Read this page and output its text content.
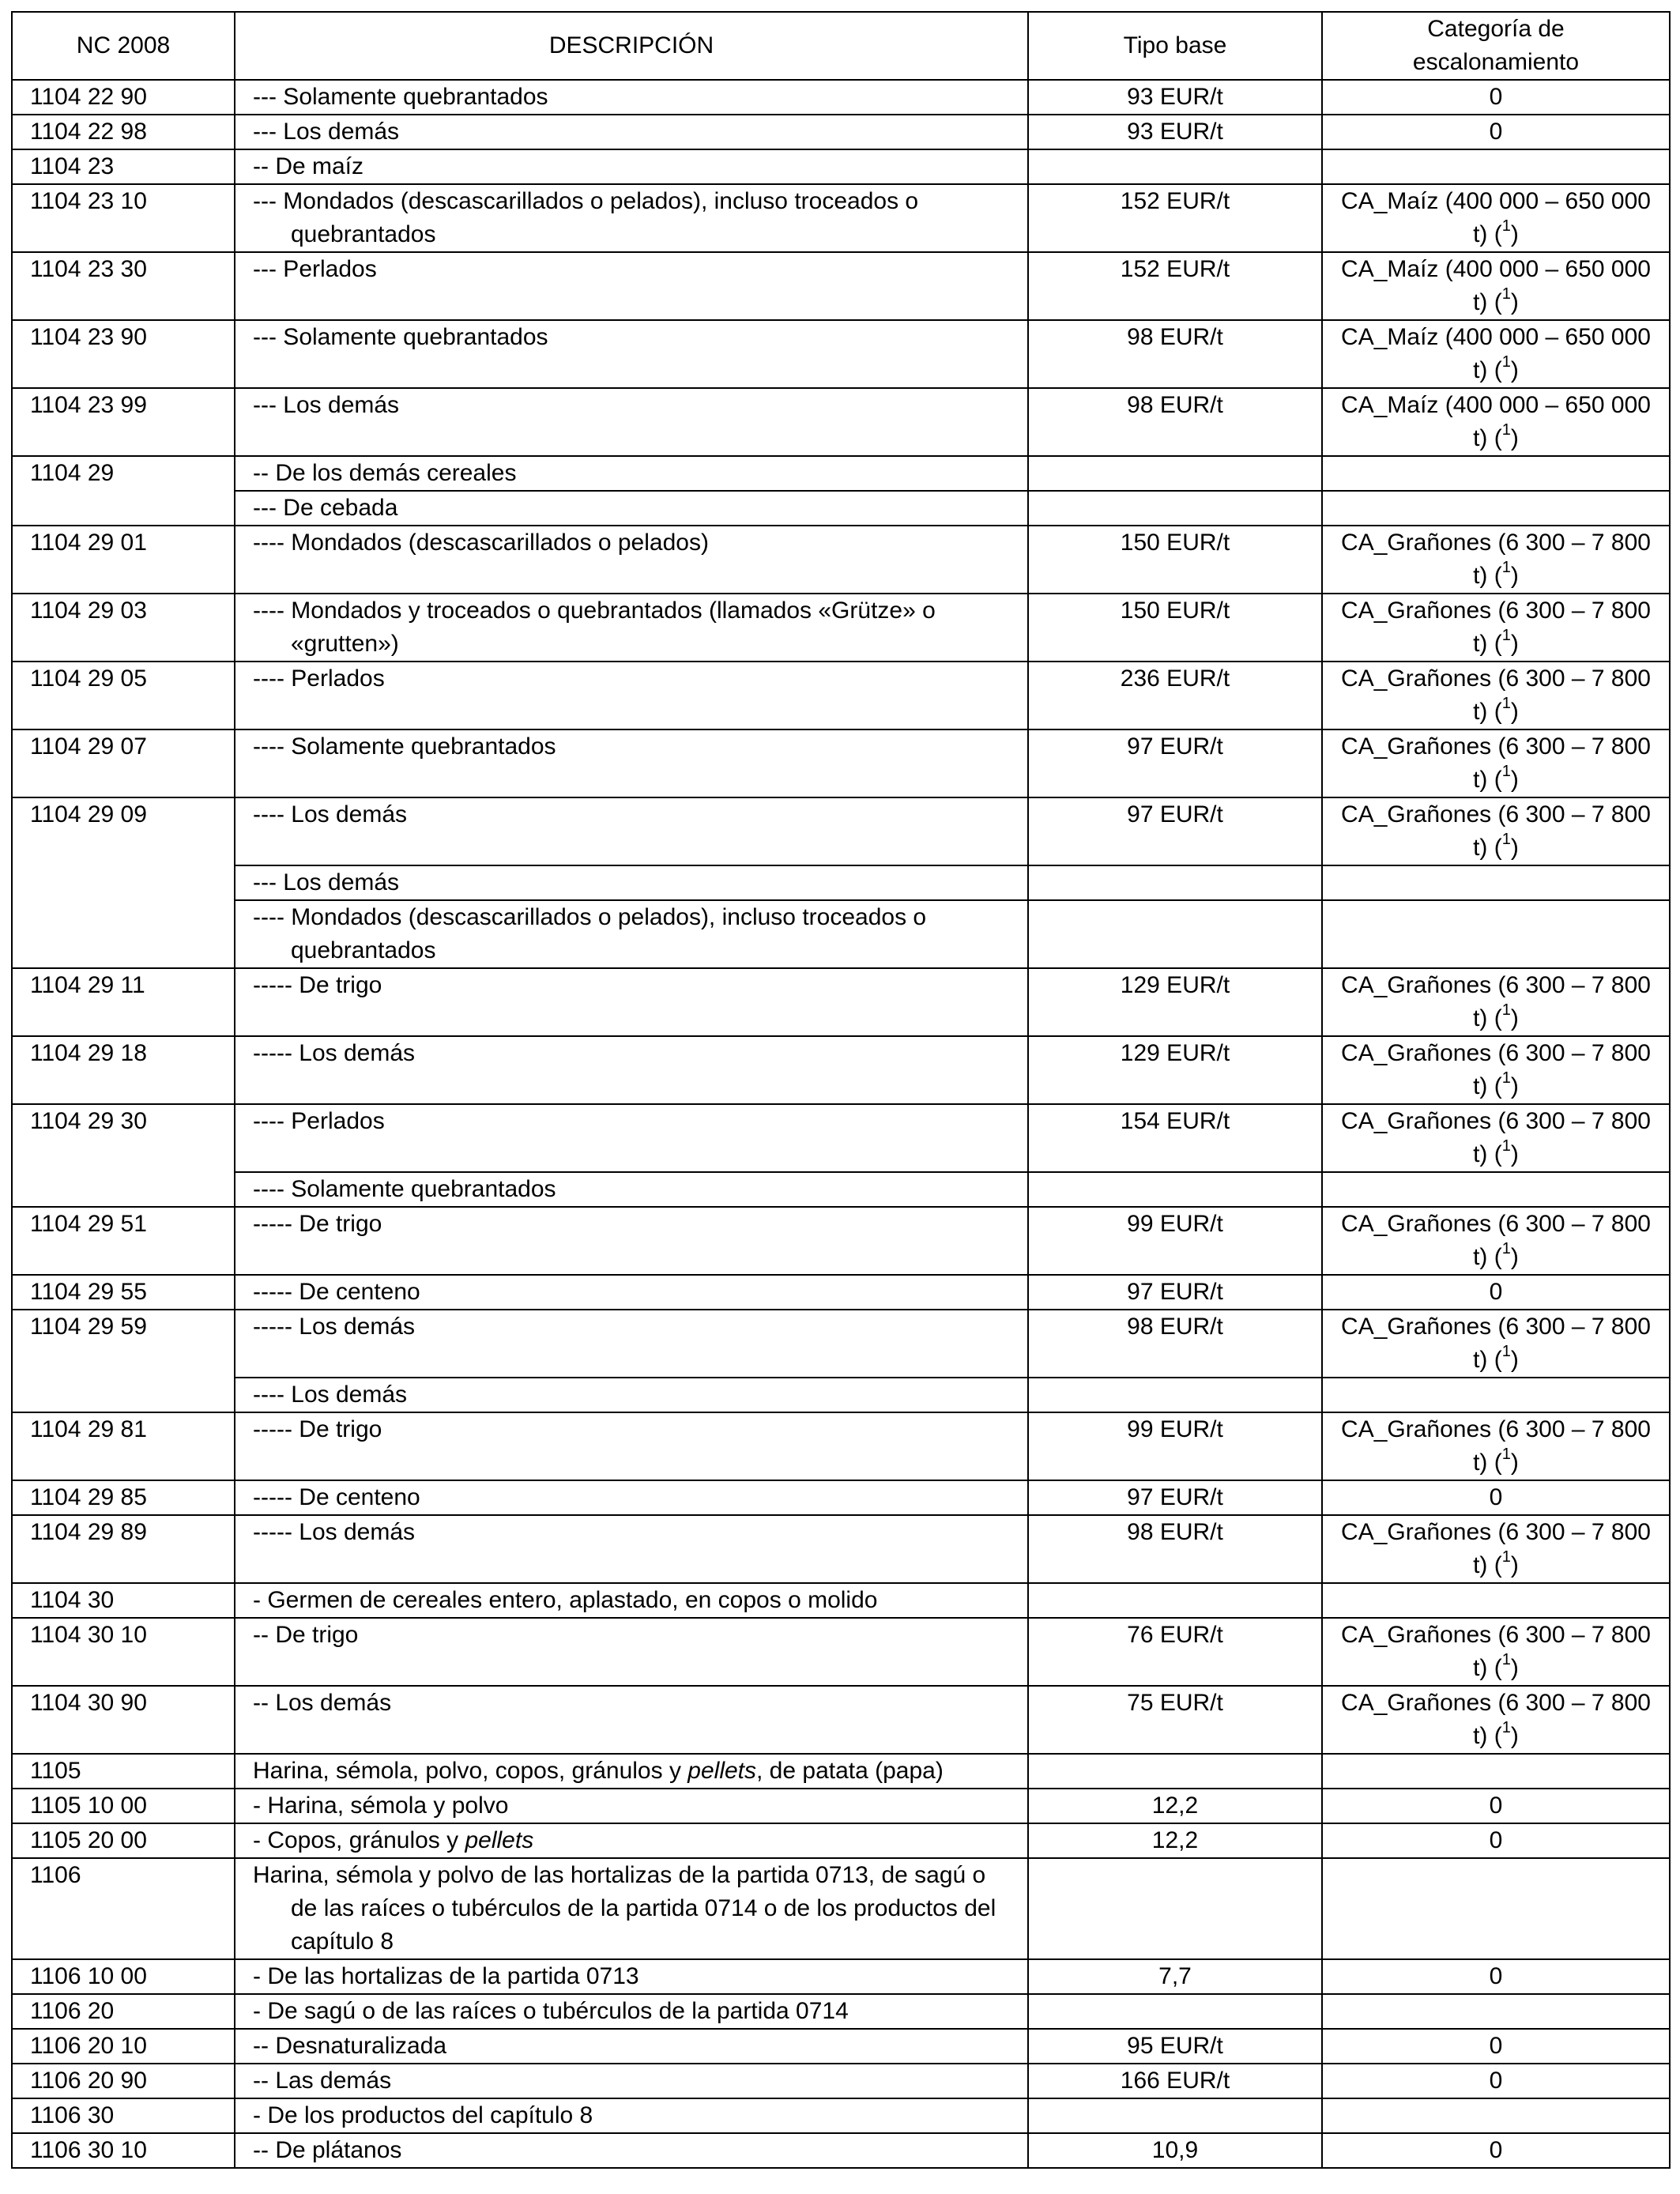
NC 2008	DESCRIPCIÓN	Tipo base	Categoría de escalonamiento
1104 22 90	--- Solamente quebrantados	93 EUR/t	0
1104 22 98	--- Los demás	93 EUR/t	0
1104 23	-- De maíz		

1104 23 10	--- Mondados (descascarillados o pelados), incluso troceados o quebrantados	152 EUR/t	CA_Maíz (400 000 – 650 000 t) ($^1$)
1104 23 30	--- Perlados	152 EUR/t	CA_Maíz (400 000 – 650 000 t) ($^1$)
1104 23 90	--- Solamente quebrantados	98 EUR/t	CA_Maíz (400 000 – 650 000 t) ($^1$)
1104 23 99	--- Los demás	98 EUR/t	CA_Maíz (400 000 – 650 000 t) ($^1$)
1104 29	-- De los demás cereales		

	--- De cebada		

1104 29 01	---- Mondados (descascarillados o pelados)	150 EUR/t	CA_Grañones (6 300 – 7 800 t) ($^1$)
1104 29 03	---- Mondados y troceados o quebrantados (llamados «Grütze» o «grutten»)	150 EUR/t	CA_Grañones (6 300 – 7 800 t) ($^1$)
1104 29 05	---- Perlados	236 EUR/t	CA_Grañones (6 300 – 7 800 t) ($^1$)
1104 29 07	---- Solamente quebrantados	97 EUR/t	CA_Grañones (6 300 – 7 800 t) ($^1$)
1104 29 09	---- Los demás	97 EUR/t	CA_Grañones (6 300 – 7 800 t) ($^1$)

	--- Los demás		

	---- Mondados (descascarillados o pelados), incluso troceados o quebrantados		

1104 29 11	----- De trigo	129 EUR/t	CA_Grañones (6 300 – 7 800 t) ($^1$)
1104 29 18	----- Los demás	129 EUR/t	CA_Grañones (6 300 – 7 800 t) ($^1$)
1104 29 30	---- Perlados	154 EUR/t	CA_Grañones (6 300 – 7 800 t) ($^1$)

	---- Solamente quebrantados		

1104 29 51	----- De trigo	99 EUR/t	CA_Grañones (6 300 – 7 800 t) ($^1$)
1104 29 55	----- De centeno	97 EUR/t	0
1104 29 59	----- Los demás	98 EUR/t	CA_Grañones (6 300 – 7 800 t) ($^1$)

	---- Los demás		

1104 29 81	----- De trigo	99 EUR/t	CA_Grañones (6 300 – 7 800 t) ($^1$)
1104 29 85	----- De centeno	97 EUR/t	0
1104 29 89	----- Los demás	98 EUR/t	CA_Grañones (6 300 – 7 800 t) ($^1$)
1104 30	- Germen de cereales entero, aplastado, en copos o molido		

1104 30 10	-- De trigo	76 EUR/t	CA_Grañones (6 300 – 7 800 t) ($^1$)
1104 30 90	-- Los demás	75 EUR/t	CA_Grañones (6 300 – 7 800 t) ($^1$)
1105	Harina, sémola, polvo, copos, gránulos y pellets, de patata (papa)		

1105 10 00	- Harina, sémola y polvo	12,2	0
1105 20 00	- Copos, gránulos y pellets	12,2	0
1106	Harina, sémola y polvo de las hortalizas de la partida 0713, de sagú o de las raíces o tubérculos de la partida 0714 o de los productos del capítulo 8		

1106 10 00	- De las hortalizas de la partida 0713	7,7	0
1106 20	- De sagú o de las raíces o tubérculos de la partida 0714		

1106 20 10	-- Desnaturalizada	95 EUR/t	0
1106 20 90	-- Las demás	166 EUR/t	0
1106 30	- De los productos del capítulo 8		

1106 30 10	-- De plátanos	10,9	0
